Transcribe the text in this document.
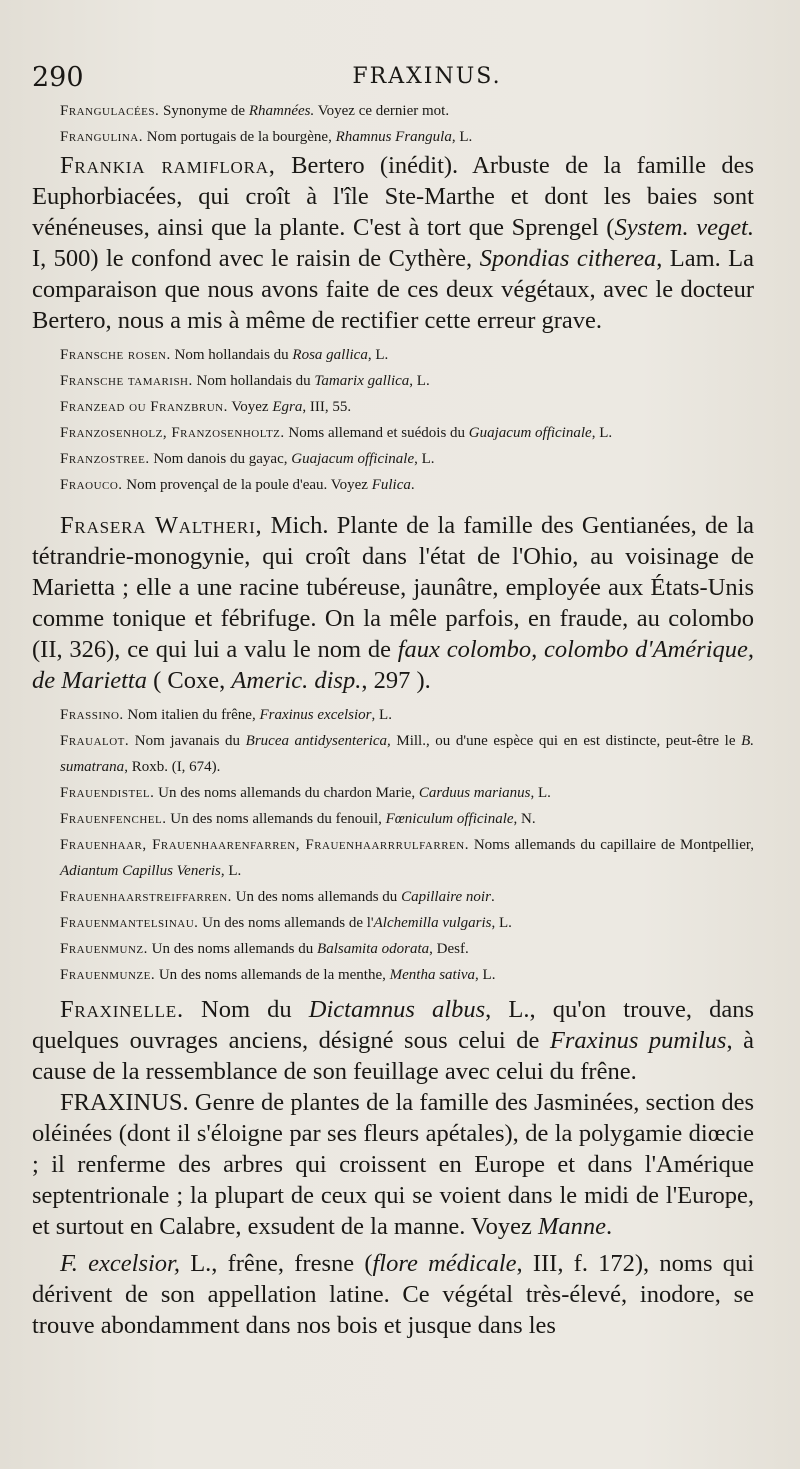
290	FRAXINUS.

Frangulacées. Synonyme de Rhamnées. Voyez ce dernier mot.

Frangulina. Nom portugais de la bourgène, Rhamnus Frangula, L.

Frankia ramiflora, Bertero (inédit). Arbuste de la famille des Euphorbiacées, qui croît à l'île Ste-Marthe et dont les baies sont vénéneuses, ainsi que la plante. C'est à tort que Sprengel (System. veget. I, 500) le confond avec le raisin de Cythère, Spondias citherea, Lam. La comparaison que nous avons faite de ces deux végétaux, avec le docteur Bertero, nous a mis à même de rectifier cette erreur grave.

Fransche rosen. Nom hollandais du Rosa gallica, L.

Fransche tamarish. Nom hollandais du Tamarix gallica, L.

Franzead ou Franzbrun. Voyez Egra, III, 55.

Franzosenholz, Franzosenholtz. Noms allemand et suédois du Guajacum officinale, L.

Franzostree. Nom danois du gayac, Guajacum officinale, L.

Fraouco. Nom provençal de la poule d'eau. Voyez Fulica.

Frasera Waltheri, Mich. Plante de la famille des Gentianées, de la tétrandrie-monogynie, qui croît dans l'état de l'Ohio, au voisinage de Marietta ; elle a une racine tubéreuse, jaunâtre, employée aux États-Unis comme tonique et fébrifuge. On la mêle parfois, en fraude, au colombo (II, 326), ce qui lui a valu le nom de faux colombo, colombo d'Amérique, de Marietta ( Coxe, Americ. disp., 297 ).

Frassino. Nom italien du frêne, Fraxinus excelsior, L.

Fraualot. Nom javanais du Brucea antidysenterica, Mill., ou d'une espèce qui en est distincte, peut-être le B. sumatrana, Roxb. (I, 674).

Frauendistel. Un des noms allemands du chardon Marie, Carduus marianus, L.

Frauenfenchel. Un des noms allemands du fenouil, Fœniculum officinale, N.

Frauenhaar, Frauenhaarenfarren, Frauenhaarrrulfarren. Noms allemands du capillaire de Montpellier, Adiantum Capillus Veneris, L.

Frauenhaarstreiffarren. Un des noms allemands du Capillaire noir.

Frauenmantelsinau. Un des noms allemands de l'Alchemilla vulgaris, L.

Frauenmunz. Un des noms allemands du Balsamita odorata, Desf.

Frauenmunze. Un des noms allemands de la menthe, Mentha sativa, L.

Fraxinelle. Nom du Dictamnus albus, L., qu'on trouve, dans quelques ouvrages anciens, désigné sous celui de Fraxinus pumilus, à cause de la ressemblance de son feuillage avec celui du frêne.

FRAXINUS. Genre de plantes de la famille des Jasminées, section des oléinées (dont il s'éloigne par ses fleurs apétales), de la polygamie diœcie ; il renferme des arbres qui croissent en Europe et dans l'Amérique septentrionale ; la plupart de ceux qui se voient dans le midi de l'Europe, et surtout en Calabre, exsudent de la manne. Voyez Manne.

F. excelsior, L., frêne, fresne (flore médicale, III, f. 172), noms qui dérivent de son appellation latine. Ce végétal très-élevé, inodore, se trouve abondamment dans nos bois et jusque dans les
